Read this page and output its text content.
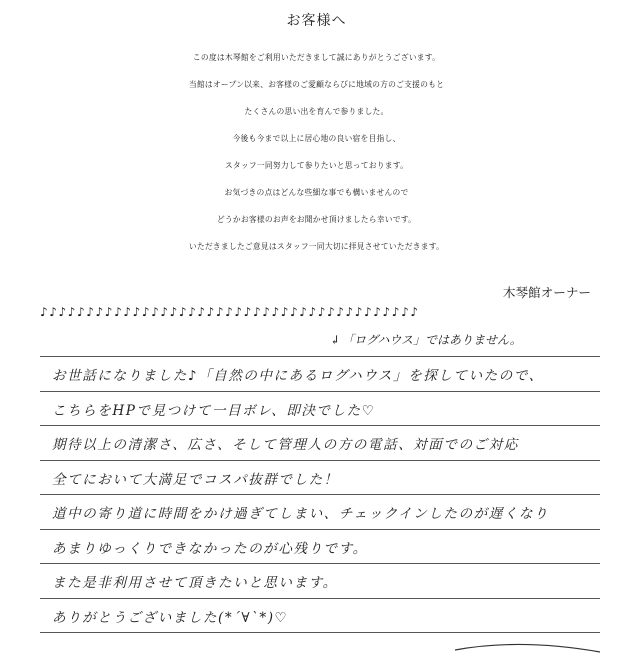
お客様へ
この度は木琴館をご利用いただきまして誠にありがとうございます。
当館はオープン以来、お客様のご愛顧ならびに地域の方のご支援のもと
たくさんの思い出を育んで参りました。
今後も今まで以上に居心地の良い宿を目指し、
スタッフ一同努力して参りたいと思っております。
お気づきの点はどんな些細な事でも構いませんので
どうかお客様のお声をお聞かせ頂けましたら幸いです。
いただきましたご意見はスタッフ一同大切に拝見させていただきます。
木琴館オーナー
♪♪♪♪♪♪♪♪♪♪♪♪♪♪♪♪♪♪♪♪♪♪♪♪♪♪♪♪♪♪♪♪♪♪♪♪♪♪♪♪♪
↲ 「ログハウス」ではありません。
お世話になりました♪「自然の中にあるログハウス」を探していたので、
こちらをHPで見つけて一目ボレ、即決でした♡
期待以上の清潔さ、広さ、そして管理人の方の電話、対面でのご対応
全てにおいて大満足でコスパ抜群でした！
道中の寄り道に時間をかけ過ぎてしまい、チェックインしたのが遅くなり
あまりゆっくりできなかったのが心残りです。
また是非利用させて頂きたいと思います。
ありがとうございました(*´∀`*)♡
